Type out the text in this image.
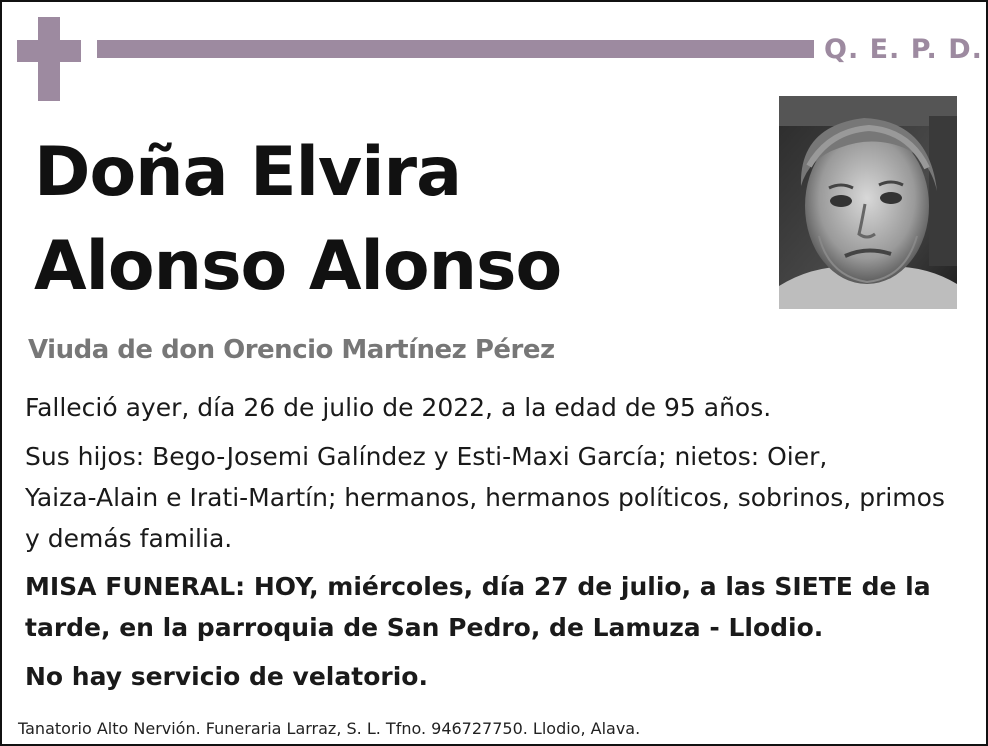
Q. E. P. D.
Doña Elvira
Alonso Alonso
Viuda de don Orencio Martínez Pérez
Falleció ayer, día 26 de julio de 2022, a la edad de 95 años.
Sus hijos: Bego-Josemi Galíndez y Esti-Maxi García; nietos: Oier,
Yaiza-Alain e Irati-Martín; hermanos, hermanos políticos, sobrinos, primos
y demás familia.
MISA FUNERAL: HOY, miércoles, día 27 de julio, a las SIETE de la
tarde, en la parroquia de San Pedro, de Lamuza - Llodio.
No hay servicio de velatorio.
Tanatorio Alto Nervión. Funeraria Larraz, S. L. Tfno. 946727750. Llodio, Alava.
